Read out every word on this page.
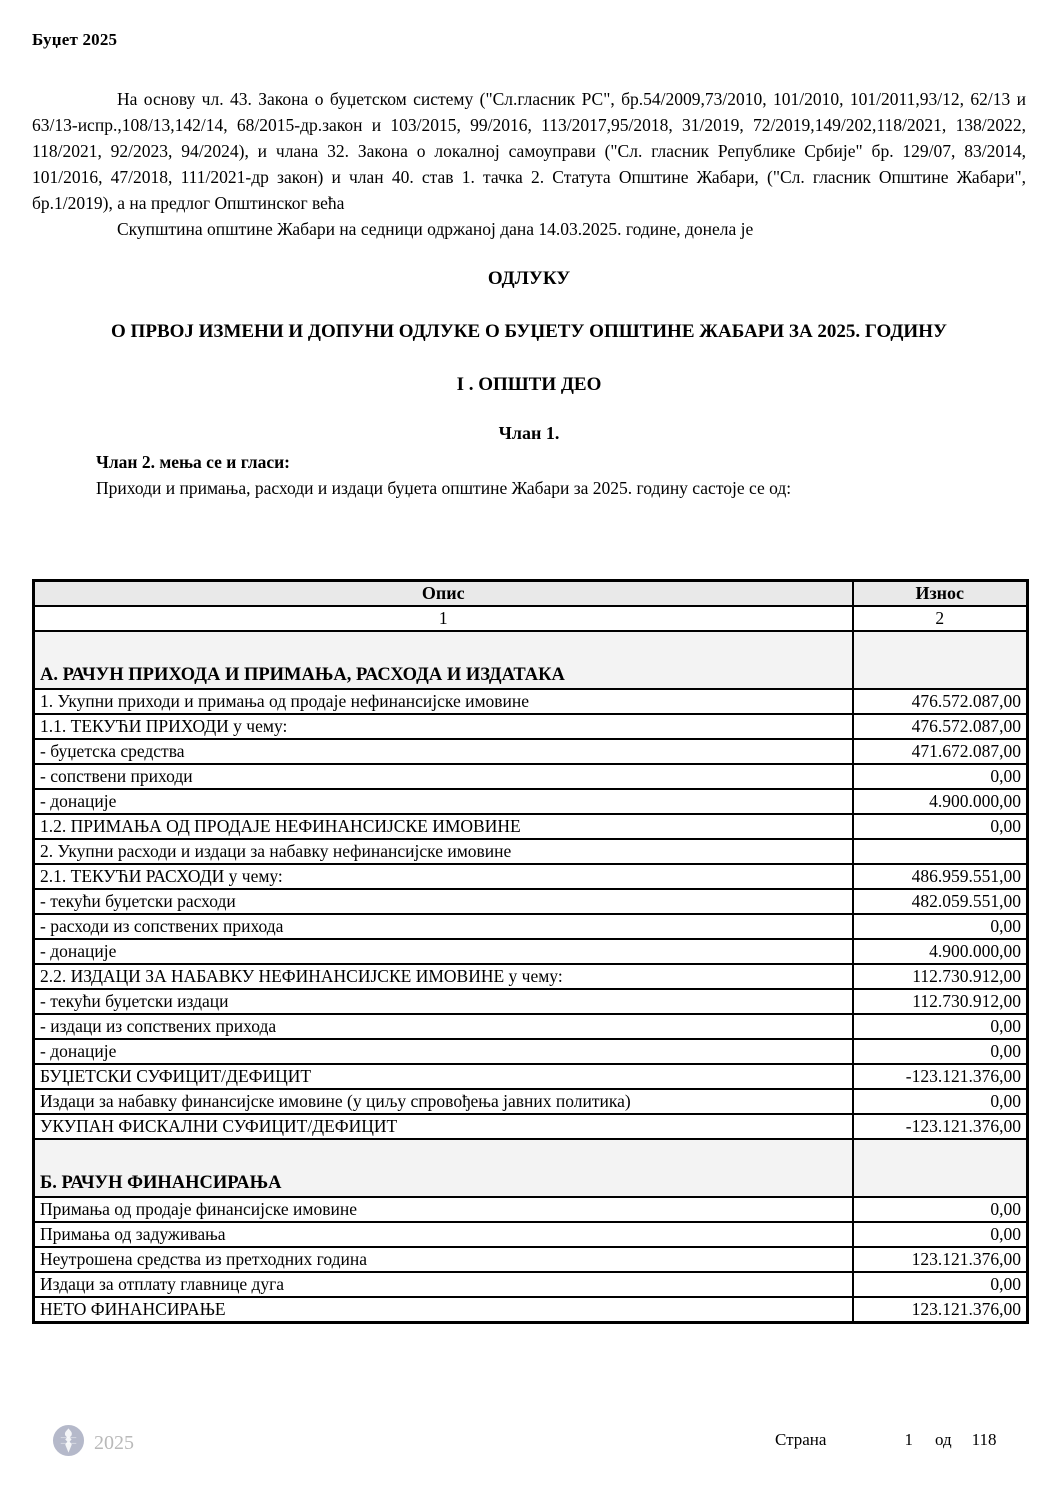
Буџет 2025

На основу чл. 43. Закона о буџетском систему ("Сл.гласник РС", бр.54/2009,73/2010, 101/2010, 101/2011,93/12, 62/13 и 63/13-испр.,108/13,142/14, 68/2015-др.закон и 103/2015, 99/2016, 113/2017,95/2018, 31/2019, 72/2019,149/202,118/2021, 138/2022, 118/2021, 92/2023, 94/2024), и члана 32. Закона о локалној самоуправи ("Сл. гласник Републике Србије" бр. 129/07, 83/2014, 101/2016, 47/2018, 111/2021-др закон) и члан 40. став 1. тачка 2. Статута Општине Жабари, ("Сл. гласник Општине Жабари", бр.1/2019), а на предлог Општинског већа

Скупштина општине Жабари на седници одржаној дана 14.03.2025. године, донела је

ОДЛУКУ
О ПРВОЈ ИЗМЕНИ И ДОПУНИ ОДЛУКЕ О БУЏЕТУ ОПШТИНЕ ЖАБАРИ ЗА 2025. ГОДИНУ
I . ОПШТИ ДЕО
Члан 1.

Члан 2. мења се и гласи:

Приходи и примања, расходи и издаци буџета општине Жабари за 2025. годину састоје се од:

Опис	Износ
1	2
А. РАЧУН ПРИХОДА И ПРИМАЊА, РАСХОДА И ИЗДАТАКА	
1. Укупни приходи и примања од продаје нефинансијске имовине	476.572.087,00
1.1. ТЕКУЋИ ПРИХОДИ у чему:	476.572.087,00
- буџетска средства	471.672.087,00
- сопствени приходи	0,00
- донације	4.900.000,00
1.2. ПРИМАЊА ОД ПРОДАЈЕ НЕФИНАНСИЈСКЕ ИМОВИНЕ	0,00
2. Укупни расходи и издаци за набавку нефинансијске имовине	
2.1. ТЕКУЋИ РАСХОДИ у чему:	486.959.551,00
- текући буџетски расходи	482.059.551,00
- расходи из сопствених прихода	0,00
- донације	4.900.000,00
2.2. ИЗДАЦИ ЗА НАБАВКУ НЕФИНАНСИЈСКЕ ИМОВИНЕ у чему:	112.730.912,00
- текући буџетски издаци	112.730.912,00
- издаци из сопствених прихода	0,00
- донације	0,00
БУЏЕТСКИ СУФИЦИТ/ДЕФИЦИТ	-123.121.376,00
Издаци за набавку финансијске имовине (у циљу спровођења јавних политика)	0,00
УКУПАН ФИСКАЛНИ СУФИЦИТ/ДЕФИЦИТ	-123.121.376,00
Б. РАЧУН ФИНАНСИРАЊА	
Примања од продаје финансијске имовине	0,00
Примања од задуживања	0,00
Неутрошена средства из претходних година	123.121.376,00
Издаци за отплату главнице дуга	0,00
НЕТО ФИНАНСИРАЊЕ	123.121.376,00
2025	Страна	1 од 118
